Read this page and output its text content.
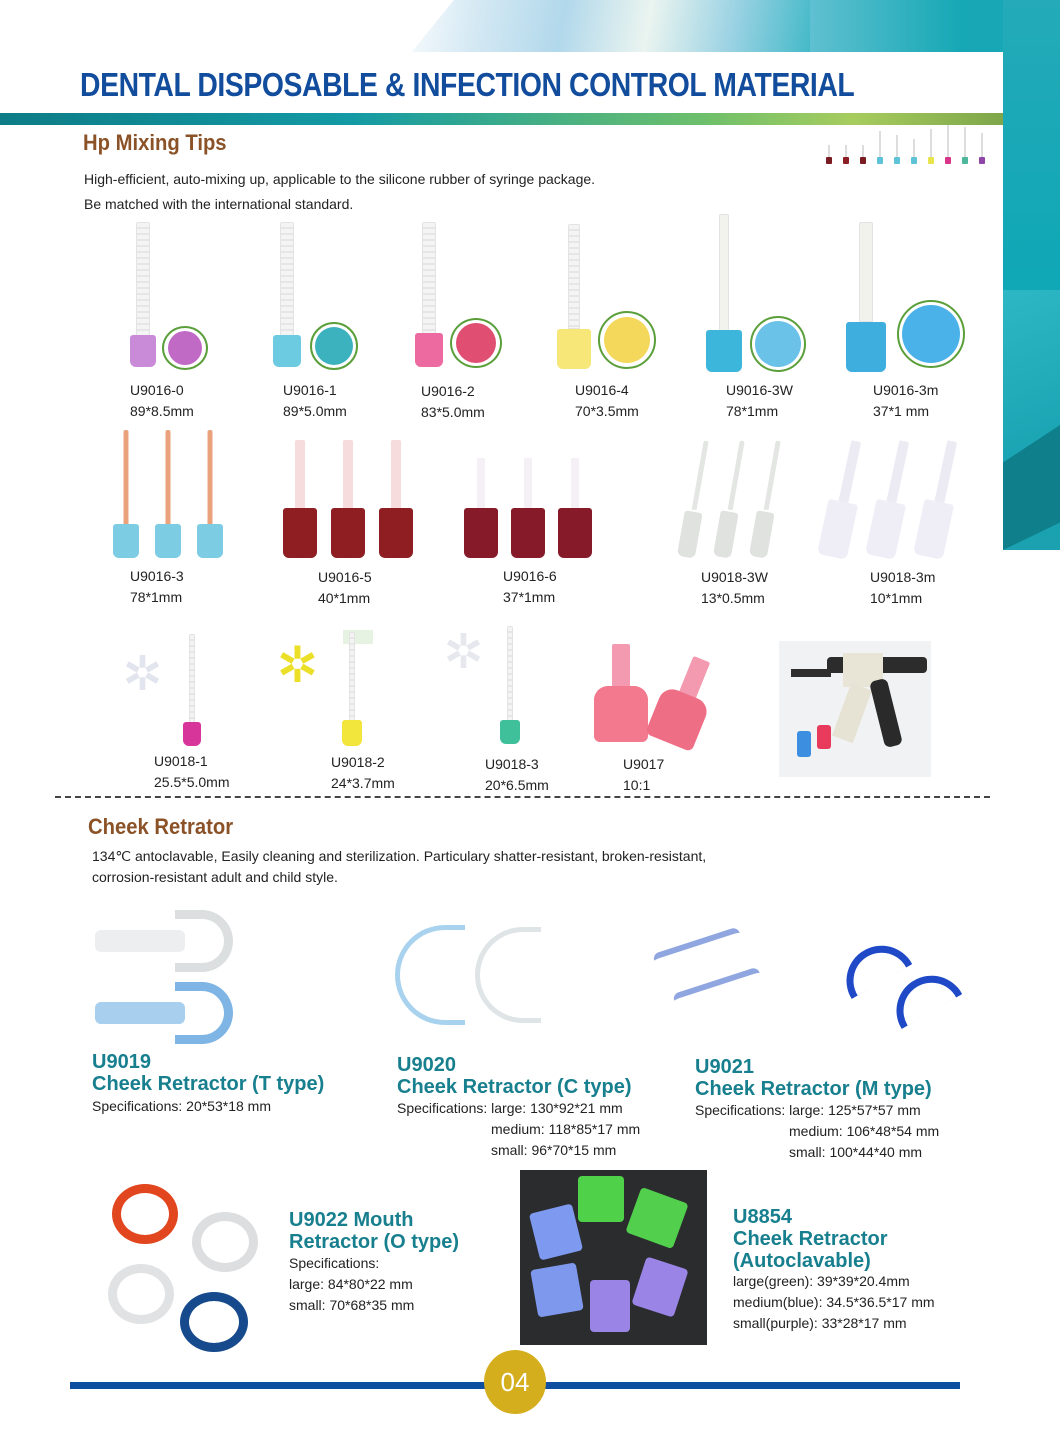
DENTAL DISPOSABLE & INFECTION CONTROL MATERIAL
Hp Mixing Tips
High-efficient, auto-mixing up, applicable to the silicone rubber of syringe package.
Be matched with the international standard.
U9016-0
89*8.5mm
U9016-1
89*5.0mm
U9016-2
83*5.0mm
U9016-4
70*3.5mm
U9016-3W
78*1mm
U9016-3m
37*1 mm
U9016-3
78*1mm
U9016-5
40*1mm
U9016-6
37*1mm
U9018-3W
13*0.5mm
U9018-3m
10*1mm
✲ ✲	✲
U9018-1
25.5*5.0mm
U9018-2
24*3.7mm
U9018-3
20*6.5mm
U9017
10:1
Cheek Retrator
134℃ antoclavable, Easily cleaning and sterilization. Particulary shatter-resistant, broken-resistant,
corrosion-resistant adult and child style.
U9019
Cheek Retractor (T type)
Specifications: 20*53*18 mm
U9020
Cheek Retractor (C type)
Specifications: large: 130*92*21 mm
medium: 118*85*17 mm
small: 96*70*15 mm
U9021
Cheek Retractor (M type)
Specifications: large: 125*57*57 mm
medium: 106*48*54 mm
small: 100*44*40 mm
U9022 Mouth
Retractor (O type)
Specifications:
large: 84*80*22 mm
small: 70*68*35 mm
U8854
Cheek Retractor
(Autoclavable)
large(green): 39*39*20.4mm
medium(blue): 34.5*36.5*17 mm
small(purple): 33*28*17 mm
04
